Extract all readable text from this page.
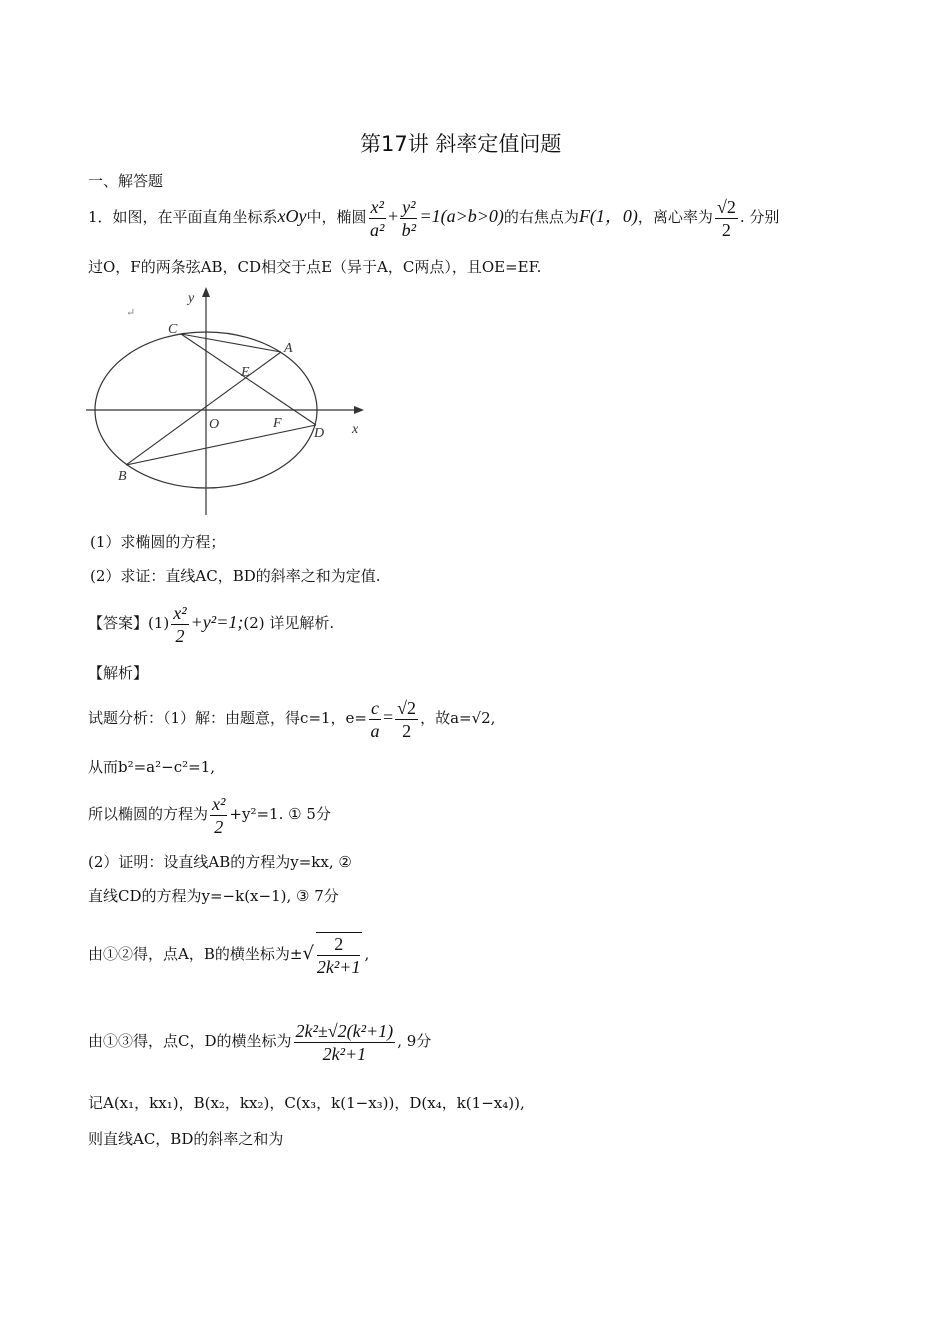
第17讲 斜率定值问题
一、解答题
1．如图，在平面直角坐标系xOy中，椭圆 $\frac{\text{x²}}{\text{a²}} + \frac{\text{y²}}{\text{b²}} =1(a>b>0)$的右焦点为F(1，0)，离心率为 $\frac{√2}{2}$ . 分别
过O，F的两条弦AB，CD相交于点E（异于A，C两点），且OE=EF.
y
x
C
A
E
O	F
D
B
↵
(1）求椭圆的方程；
(2）求证：直线AC，BD的斜率之和为定值.
【答案】$(1) \frac{\text{x²}}{2}$ +y²=1;(2) 详见解析.
【解析】
试题分析：（1）解：由题意，得c=1，$e= \frac{c}{a} = \frac{√2}{2}$ ，故a=√2,
从而b²=a²−c²=1,
所以椭圆的方程为 $\frac{\text{x²}}{2} +y^2=1$. ① 5分
(2）证明：设直线AB的方程为y=kx, ②
直线CD的方程为y=−k(x−1), ③ 7分
由①②得，点A，B的横坐标为±√ $\frac{2}{\text{2k²+1}}$ ,
由①③得，点C，D的横坐标为 $\frac{\text{2k²±√2(k²+1)}}{\text{2k²+1}}$ , 9分
记A(x₁，kx₁)，B(x₂，kx₂)，C(x₃，k(1−x₃))，D(x₄，k(1−x₄)),
则直线AC，BD的斜率之和为
